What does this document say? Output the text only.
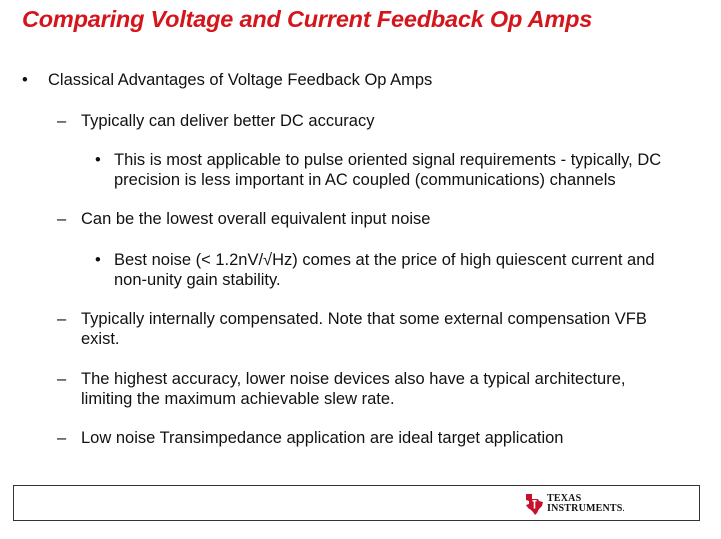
Comparing Voltage and Current Feedback Op Amps
• Classical Advantages of Voltage Feedback Op Amps
– Typically can deliver better DC accuracy
• This is most applicable to pulse oriented signal requirements - typically, DC
precision is less important in AC coupled (communications) channels
– Can be the lowest overall equivalent input noise
• Best noise (< 1.2nV/√Hz) comes at the price of high quiescent current and
non-unity gain stability.
– Typically internally compensated. Note that some external compensation VFB
exist.
– The highest accuracy, lower noise devices also have a typical architecture,
limiting the maximum achievable slew rate.
– Low noise Transimpedance application are ideal target application
TEXAS
INSTRUMENTS.
